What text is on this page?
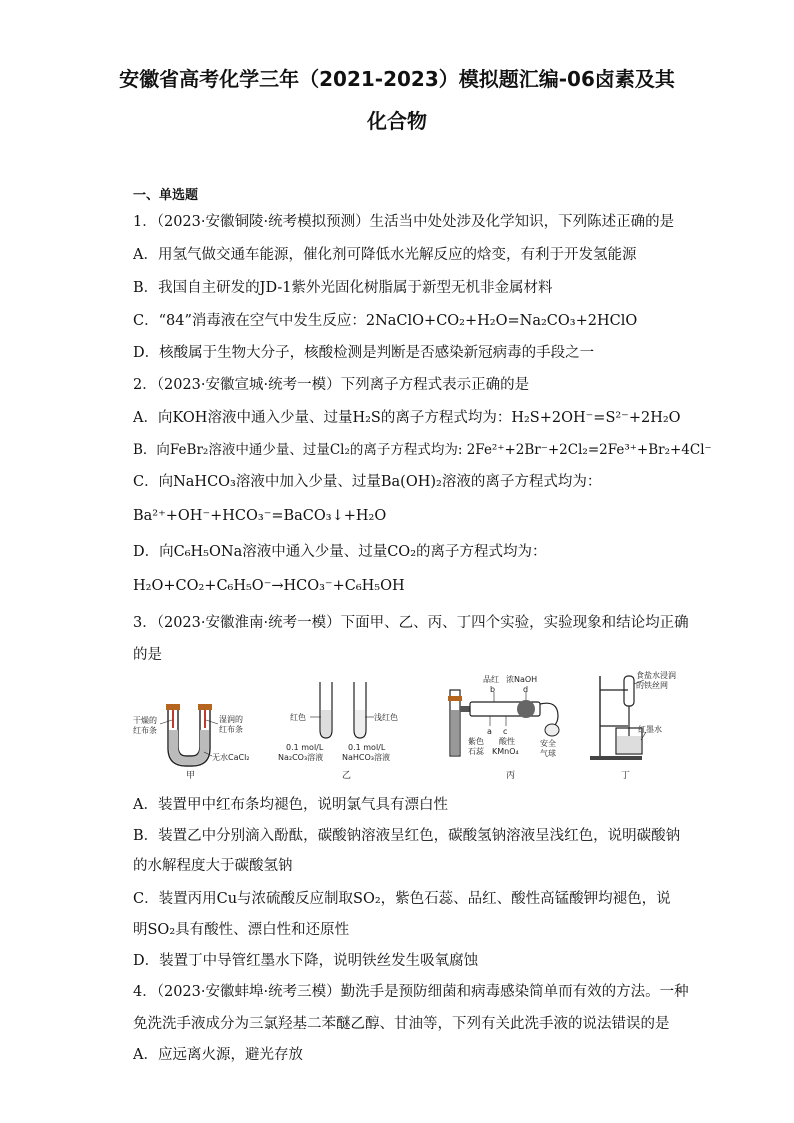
安徽省高考化学三年（2021-2023）模拟题汇编-06卤素及其
化合物
一、单选题
1．（2023·安徽铜陵·统考模拟预测）生活当中处处涉及化学知识，下列陈述正确的是
A．用氢气做交通车能源，催化剂可降低水光解反应的焓变，有利于开发氢能源
B．我国自主研发的JD-1紫外光固化树脂属于新型无机非金属材料
C．“84”消毒液在空气中发生反应：2NaClO+CO₂+H₂O=Na₂CO₃+2HClO
D．核酸属于生物大分子，核酸检测是判断是否感染新冠病毒的手段之一
2．（2023·安徽宣城·统考一模）下列离子方程式表示正确的是
A．向KOH溶液中通入少量、过量H₂S的离子方程式均为：H₂S+2OH⁻=S²⁻+2H₂O
B．向FeBr₂溶液中通少量、过量Cl₂的离子方程式均为: 2Fe²⁺+2Br⁻+2Cl₂=2Fe³⁺+Br₂+4Cl⁻
C．向NaHCO₃溶液中加入少量、过量Ba(OH)₂溶液的离子方程式均为：
Ba²⁺+OH⁻+HCO₃⁻=BaCO₃↓+H₂O
D．向C₆H₅ONa溶液中通入少量、过量CO₂的离子方程式均为：
H₂O+CO₂+C₆H₅O⁻→HCO₃⁻+C₆H₅OH
3．（2023·安徽淮南·统考一模）下面甲、乙、丙、丁四个实验，实验现象和结论均正确
的是
干燥的
红布条
湿润的
红布条
无水CaCl₂
甲
红色	浅红色
0.1 mol/L
Na₂CO₃溶液
0.1 mol/L
NaHCO₃溶液
乙
品红 浓NaOH
b	d
a c
紫色
石蕊
酸性
KMnO₄
安全
气球
丙
食盐水浸润
的铁丝网
红墨水
丁
A．装置甲中红布条均褪色，说明氯气具有漂白性
B．装置乙中分别滴入酚酞，碳酸钠溶液呈红色，碳酸氢钠溶液呈浅红色，说明碳酸钠
的水解程度大于碳酸氢钠
C．装置丙用Cu与浓硫酸反应制取SO₂，紫色石蕊、品红、酸性高锰酸钾均褪色，说
明SO₂具有酸性、漂白性和还原性
D．装置丁中导管红墨水下降，说明铁丝发生吸氧腐蚀
4．（2023·安徽蚌埠·统考三模）勤洗手是预防细菌和病毒感染简单而有效的方法。一种
免洗洗手液成分为三氯羟基二苯醚乙醇、甘油等，下列有关此洗手液的说法错误的是
A．应远离火源，避光存放
